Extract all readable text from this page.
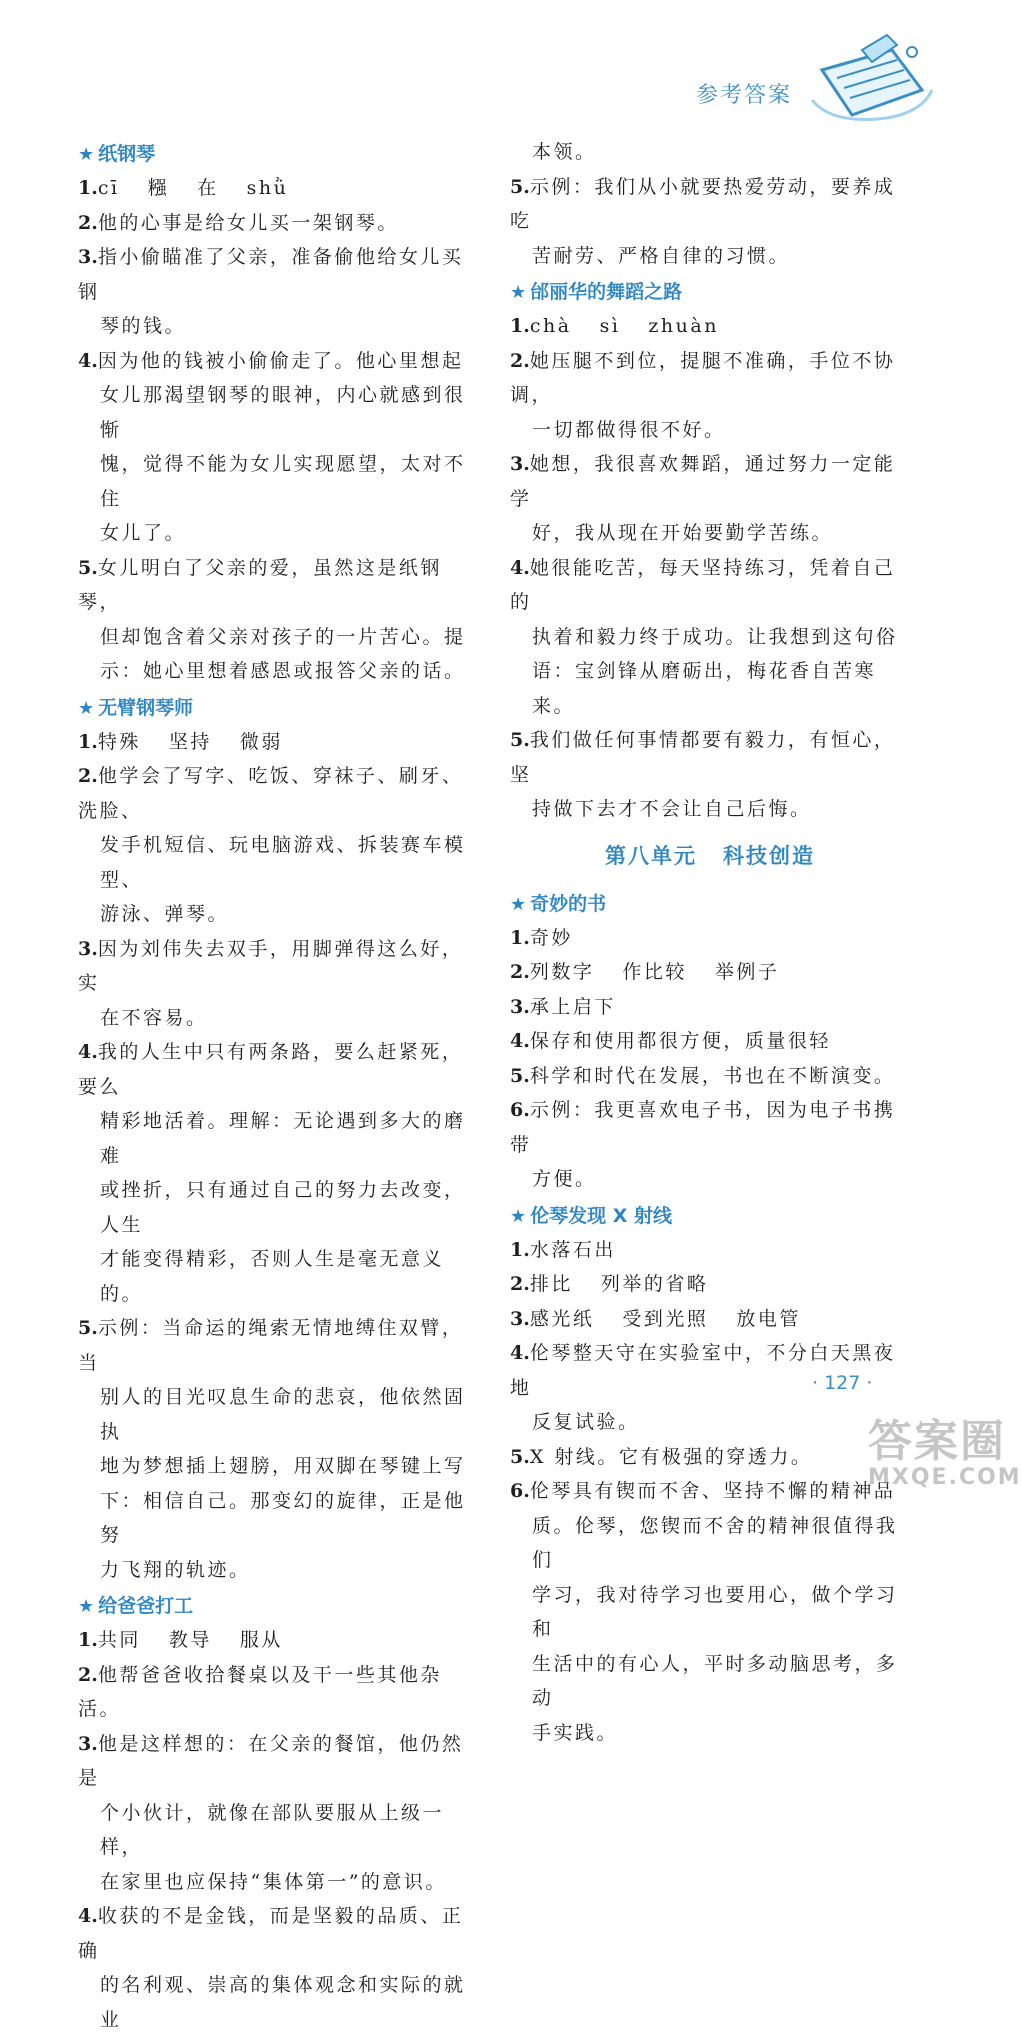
参考答案
★ 纸钢琴
1.cī 糨 在 shǜ
2.他的心事是给女儿买一架钢琴。
3.指小偷瞄准了父亲，准备偷他给女儿买钢
琴的钱。
4.因为他的钱被小偷偷走了。他心里想起
女儿那渴望钢琴的眼神，内心就感到很惭
愧，觉得不能为女儿实现愿望，太对不住
女儿了。
5.女儿明白了父亲的爱，虽然这是纸钢琴，
但却饱含着父亲对孩子的一片苦心。提
示：她心里想着感恩或报答父亲的话。
★ 无臂钢琴师
1.特殊 坚持 微弱
2.他学会了写字、吃饭、穿袜子、刷牙、洗脸、
发手机短信、玩电脑游戏、拆装赛车模型、
游泳、弹琴。
3.因为刘伟失去双手，用脚弹得这么好，实
在不容易。
4.我的人生中只有两条路，要么赶紧死，要么
精彩地活着。理解：无论遇到多大的磨难
或挫折，只有通过自己的努力去改变，人生
才能变得精彩，否则人生是毫无意义的。
5.示例：当命运的绳索无情地缚住双臂，当
别人的目光叹息生命的悲哀，他依然固执
地为梦想插上翅膀，用双脚在琴键上写
下：相信自己。那变幻的旋律，正是他努
力飞翔的轨迹。
★ 给爸爸打工
1.共同 教导 服从
2.他帮爸爸收拾餐桌以及干一些其他杂活。
3.他是这样想的：在父亲的餐馆，他仍然是
个小伙计，就像在部队要服从上级一样，
在家里也应保持“集体第一”的意识。
4.收获的不是金钱，而是坚毅的品质、正确
的名利观、崇高的集体观念和实际的就业
本领。
5.示例：我们从小就要热爱劳动，要养成吃
苦耐劳、严格自律的习惯。
★ 邰丽华的舞蹈之路
1.chà sì zhuàn
2.她压腿不到位，提腿不准确，手位不协调，
一切都做得很不好。
3.她想，我很喜欢舞蹈，通过努力一定能学
好，我从现在开始要勤学苦练。
4.她很能吃苦，每天坚持练习，凭着自己的
执着和毅力终于成功。让我想到这句俗
语：宝剑锋从磨砺出，梅花香自苦寒来。
5.我们做任何事情都要有毅力，有恒心，坚
持做下去才不会让自己后悔。
第八单元 科技创造
★ 奇妙的书
1.奇妙
2.列数字 作比较 举例子
3.承上启下
4.保存和使用都很方便，质量很轻
5.科学和时代在发展，书也在不断演变。
6.示例：我更喜欢电子书，因为电子书携带
方便。
★ 伦琴发现 X 射线
1.水落石出
2.排比 列举的省略
3.感光纸 受到光照 放电管
4.伦琴整天守在实验室中，不分白天黑夜地
反复试验。
5.X 射线。它有极强的穿透力。
6.伦琴具有锲而不舍、坚持不懈的精神品
质。伦琴，您锲而不舍的精神很值得我们
学习，我对待学习也要用心，做个学习和
生活中的有心人，平时多动脑思考，多动
手实践。
· 127 ·
答案圈
MXQE.COM
